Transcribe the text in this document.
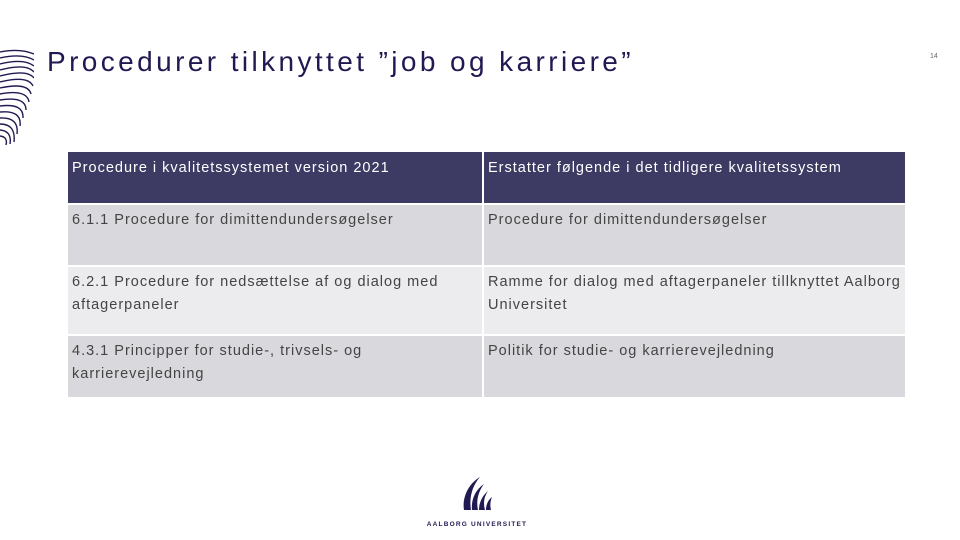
Procedurer tilknyttet ”job og karriere”	14
Procedure i kvalitetssystemet version 2021	Erstatter følgende i det tidligere kvalitetssystem
6.1.1 Procedure for dimittendundersøgelser	Procedure for dimittendundersøgelser
6.2.1 Procedure for nedsættelse af og dialog med aftagerpaneler	Ramme for dialog med aftagerpaneler tillknyttet Aalborg Universitet
4.3.1 Principper for studie-, trivsels- og karrierevejledning	Politik for studie- og karrierevejledning
AALBORG UNIVERSITET
